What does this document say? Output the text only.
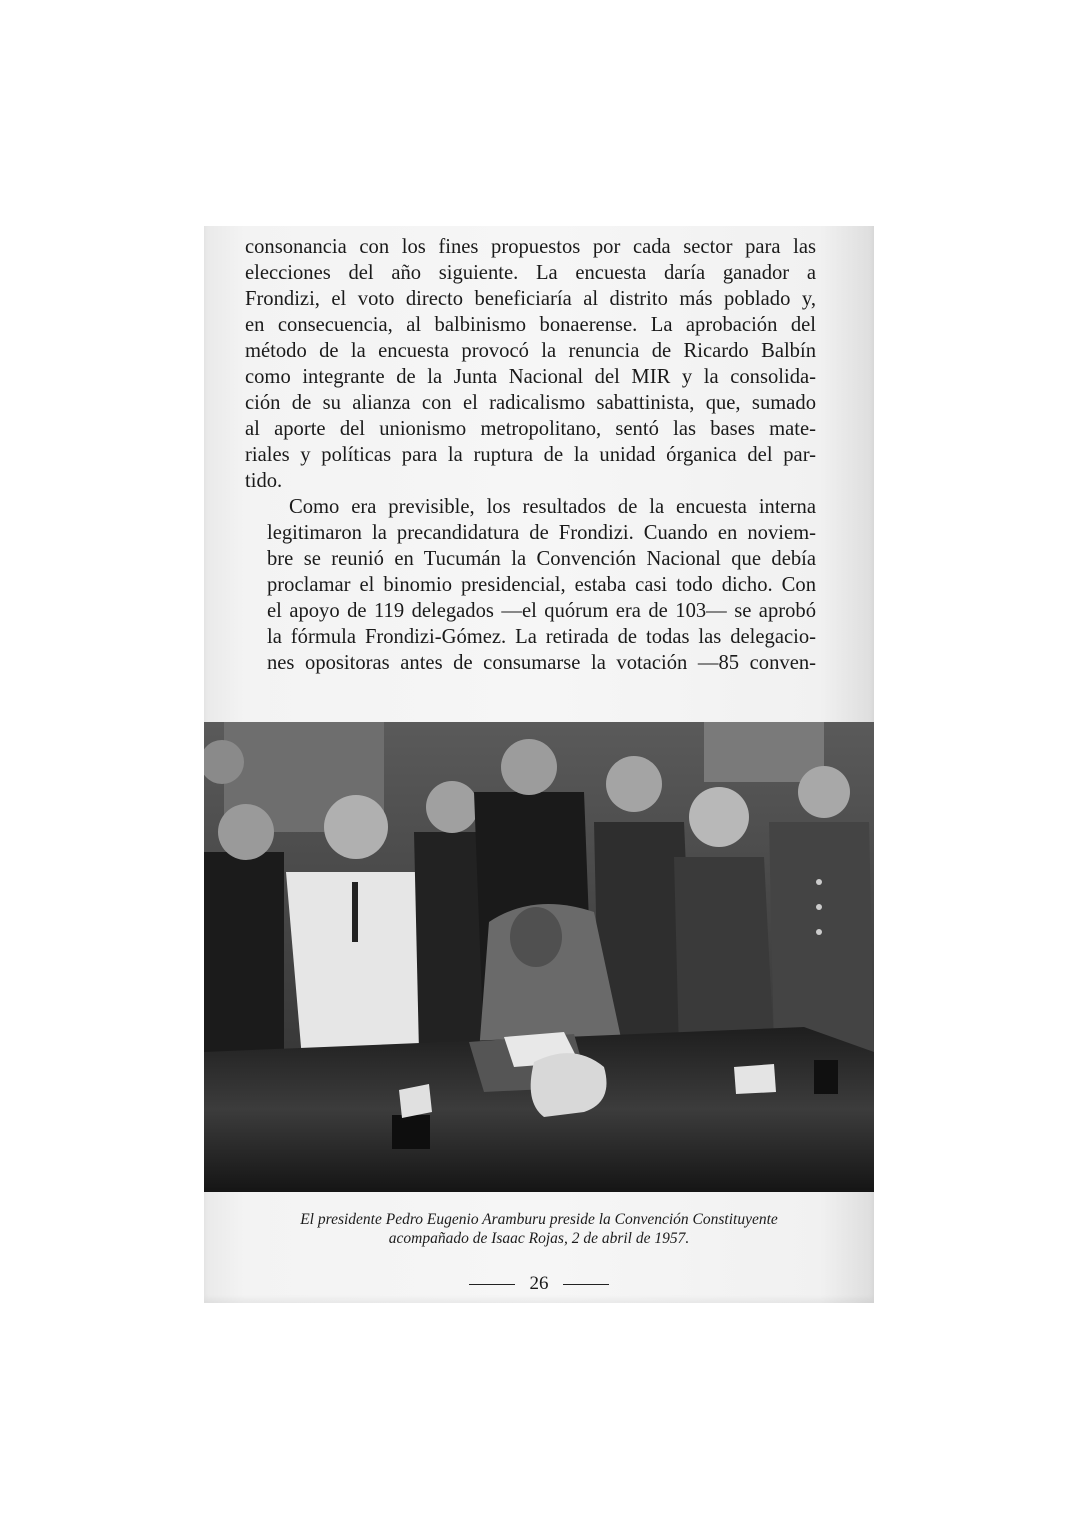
consonancia con los fines propuestos por cada sector para las
elecciones del año siguiente. La encuesta daría ganador a
Frondizi, el voto directo beneficiaría al distrito más poblado y,
en consecuencia, al balbinismo bonaerense. La aprobación del
método de la encuesta provocó la renuncia de Ricardo Balbín
como integrante de la Junta Nacional del MIR y la consolida-
ción de su alianza con el radicalismo sabattinista, que, sumado
al aporte del unionismo metropolitano, sentó las bases mate-
riales y políticas para la ruptura de la unidad órganica del par-
tido.

Como era previsible, los resultados de la encuesta interna
legitimaron la precandidatura de Frondizi. Cuando en noviem-
bre se reunió en Tucumán la Convención Nacional que debía
proclamar el binomio presidencial, estaba casi todo dicho. Con
el apoyo de 119 delegados —el quórum era de 103— se aprobó
la fórmula Frondizi-Gómez. La retirada de todas las delegacio-
nes opositoras antes de consumarse la votación —85 conven-

El presidente Pedro Eugenio Aramburu preside la Convención Constituyente
acompañado de Isaac Rojas, 2 de abril de 1957.
26
